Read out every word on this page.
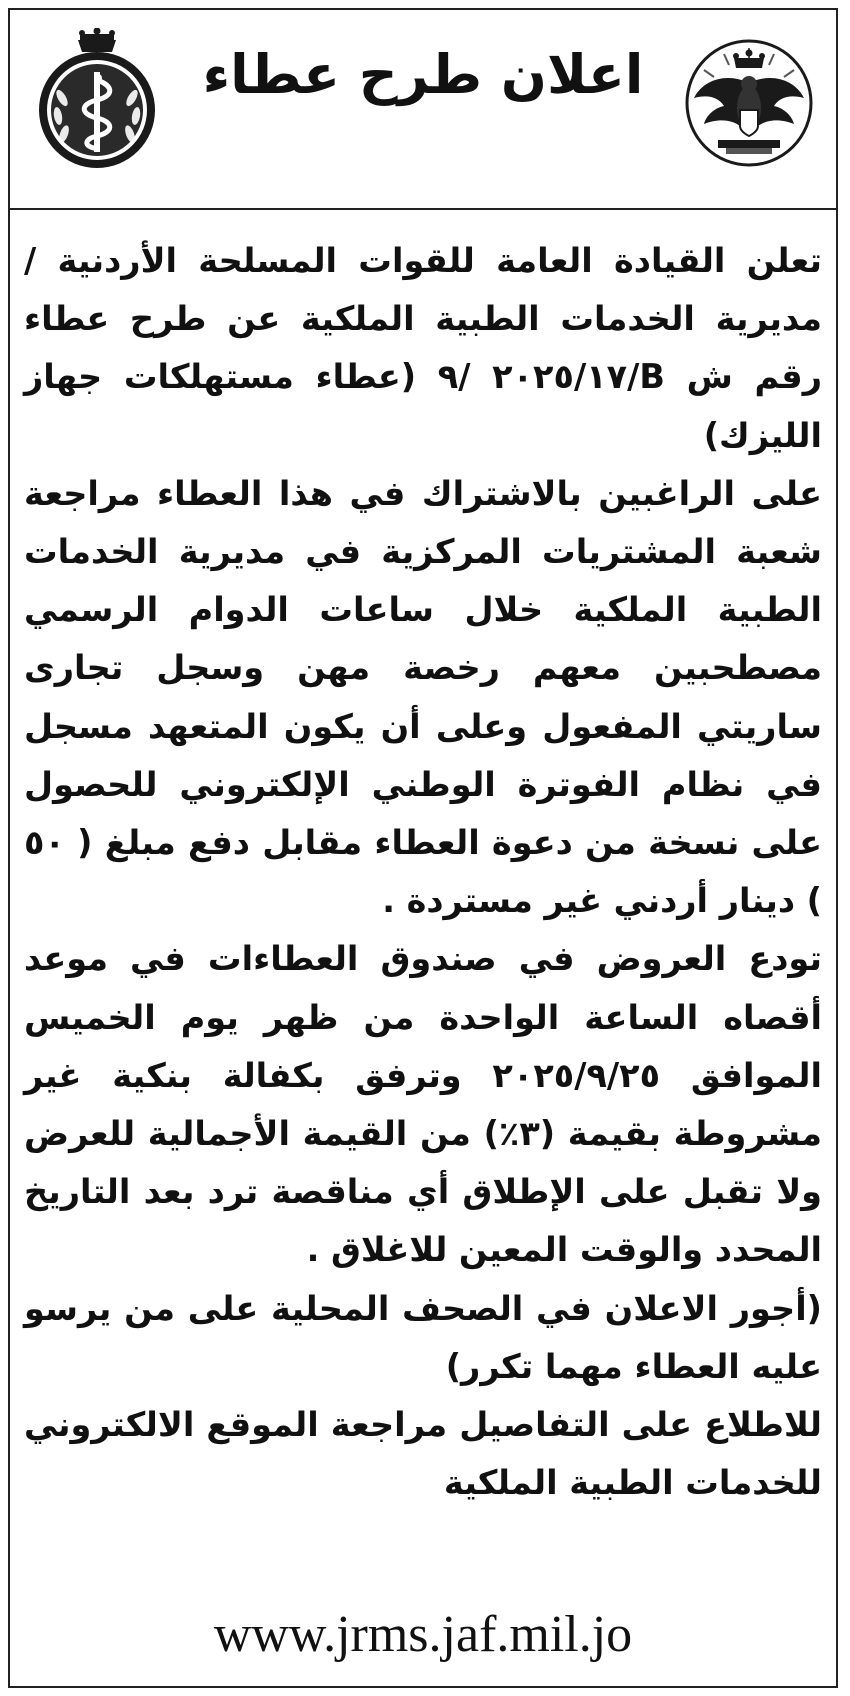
اعلان طرح عطاء

تعلن القيادة العامة للقوات المسلحة الأردنية / مديرية الخدمات الطبية الملكية عن طرح عطاء رقم ش B/٢٠٢٥/١٧ /٩ (عطاء مستهلكات جهاز الليزك)

على الراغبين بالاشتراك في هذا العطاء مراجعة شعبة المشتريات المركزية في مديرية الخدمات الطبية الملكية خلال ساعات الدوام الرسمي مصطحبين معهم رخصة مهن وسجل تجارى ساريتي المفعول وعلى أن يكون المتعهد مسجل في نظام الفوترة الوطني الإلكتروني للحصول على نسخة من دعوة العطاء مقابل دفع مبلغ ( ٥٠ ) دينار أردني غير مستردة .

تودع العروض في صندوق العطاءات في موعد أقصاه الساعة الواحدة من ظهر يوم الخميس الموافق ٢٠٢٥/٩/٢٥ وترفق بكفالة بنكية غير مشروطة بقيمة (٣٪) من القيمة الأجمالية للعرض ولا تقبل على الإطلاق أي مناقصة ترد بعد التاريخ المحدد والوقت المعين للاغلاق .

(أجور الاعلان في الصحف المحلية على من يرسو عليه العطاء مهما تكرر)

للاطلاع على التفاصيل مراجعة الموقع الالكتروني للخدمات الطبية الملكية

www.jrms.jaf.mil.jo
